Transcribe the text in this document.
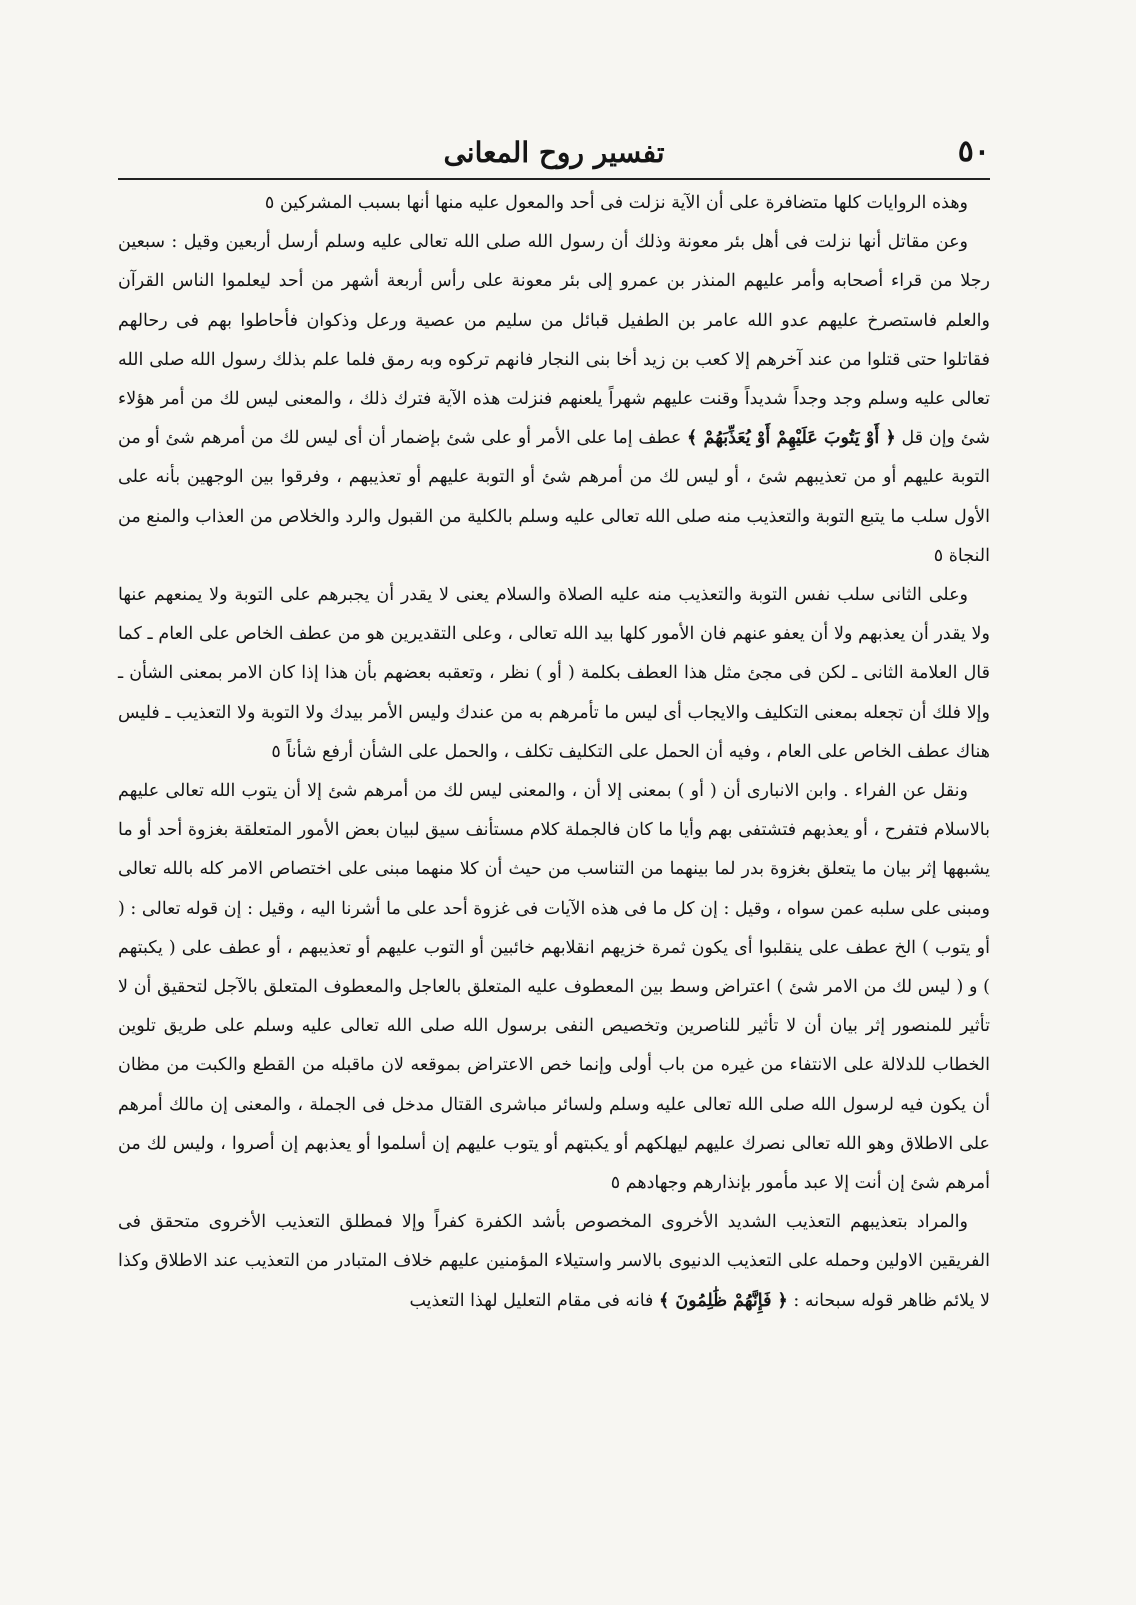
٥٠
تفسير روح المعانى

وهذه الروايات كلها متضافرة على أن الآية نزلت فى أحد والمعول عليه منها أنها بسبب المشركين ٥

وعن مقاتل أنها نزلت فى أهل بئر معونة وذلك أن رسول الله صلى الله تعالى عليه وسلم أرسل أربعين وقيل : سبعين رجلا من قراء أصحابه وأمر عليهم المنذر بن عمرو إلى بئر معونة على رأس أربعة أشهر من أحد ليعلموا الناس القرآن والعلم فاستصرخ عليهم عدو الله عامر بن الطفيل قبائل من سليم من عصية ورعل وذكوان فأحاطوا بهم فى رحالهم فقاتلوا حتى قتلوا من عند آخرهم إلا كعب بن زيد أخا بنى النجار فانهم تركوه وبه رمق فلما علم بذلك رسول الله صلى الله تعالى عليه وسلم وجد وجداً شديداً وقنت عليهم شهراً يلعنهم فنزلت هذه الآية فترك ذلك ، والمعنى ليس لك من أمر هؤلاء شئ وإن قل ﴿ أَوْ يَتُوبَ عَلَيْهِمْ أَوْ يُعَذِّبَهُمْ ﴾ عطف إما على الأمر أو على شئ بإضمار أن أى ليس لك من أمرهم شئ أو من التوبة عليهم أو من تعذيبهم شئ ، أو ليس لك من أمرهم شئ أو التوبة عليهم أو تعذيبهم ، وفرقوا بين الوجهين بأنه على الأول سلب ما يتبع التوبة والتعذيب منه صلى الله تعالى عليه وسلم بالكلية من القبول والرد والخلاص من العذاب والمنع من النجاة ٥

وعلى الثانى سلب نفس التوبة والتعذيب منه عليه الصلاة والسلام يعنى لا يقدر أن يجبرهم على التوبة ولا يمنعهم عنها ولا يقدر أن يعذبهم ولا أن يعفو عنهم فان الأمور كلها بيد الله تعالى ، وعلى التقديرين هو من عطف الخاص على العام ـ كما قال العلامة الثانى ـ لكن فى مجئ مثل هذا العطف بكلمة ( أو ) نظر ، وتعقبه بعضهم بأن هذا إذا كان الامر بمعنى الشأن ـ وإلا فلك أن تجعله بمعنى التكليف والايجاب أى ليس ما تأمرهم به من عندك وليس الأمر بيدك ولا التوبة ولا التعذيب ـ فليس هناك عطف الخاص على العام ، وفيه أن الحمل على التكليف تكلف ، والحمل على الشأن أرفع شأناً ٥

ونقل عن الفراء . وابن الانبارى أن ( أو ) بمعنى إلا أن ، والمعنى ليس لك من أمرهم شئ إلا أن يتوب الله تعالى عليهم بالاسلام فتفرح ، أو يعذبهم فتشتفى بهم وأيا ما كان فالجملة كلام مستأنف سيق لبيان بعض الأمور المتعلقة بغزوة أحد أو ما يشبهها إثر بيان ما يتعلق بغزوة بدر لما بينهما من التناسب من حيث أن كلا منهما مبنى على اختصاص الامر كله بالله تعالى ومبنى على سلبه عمن سواه ، وقيل : إن كل ما فى هذه الآيات فى غزوة أحد على ما أشرنا اليه ، وقيل : إن قوله تعالى : ( أو يتوب ) الخ عطف على ينقلبوا أى يكون ثمرة خزيهم انقلابهم خائبين أو التوب عليهم أو تعذيبهم ، أو عطف على ( يكبتهم ) و ( ليس لك من الامر شئ ) اعتراض وسط بين المعطوف عليه المتعلق بالعاجل والمعطوف المتعلق بالآجل لتحقيق أن لا تأثير للمنصور إثر بيان أن لا تأثير للناصرين وتخصيص النفى برسول الله صلى الله تعالى عليه وسلم على طريق تلوين الخطاب للدلالة على الانتفاء من غيره من باب أولى وإنما خص الاعتراض بموقعه لان ماقبله من القطع والكبت من مظان أن يكون فيه لرسول الله صلى الله تعالى عليه وسلم ولسائر مباشرى القتال مدخل فى الجملة ، والمعنى إن مالك أمرهم على الاطلاق وهو الله تعالى نصرك عليهم ليهلكهم أو يكبتهم أو يتوب عليهم إن أسلموا أو يعذبهم إن أصروا ، وليس لك من أمرهم شئ إن أنت إلا عبد مأمور بإنذارهم وجهادهم ٥

والمراد بتعذيبهم التعذيب الشديد الأخروى المخصوص بأشد الكفرة كفراً وإلا فمطلق التعذيب الأخروى متحقق فى الفريقين الاولين وحمله على التعذيب الدنيوى بالاسر واستيلاء المؤمنين عليهم خلاف المتبادر من التعذيب عند الاطلاق وكذا لا يلائم ظاهر قوله سبحانه : ﴿ فَإِنَّهُمْ ظَٰلِمُونَ ﴾ فانه فى مقام التعليل لهذا التعذيب
